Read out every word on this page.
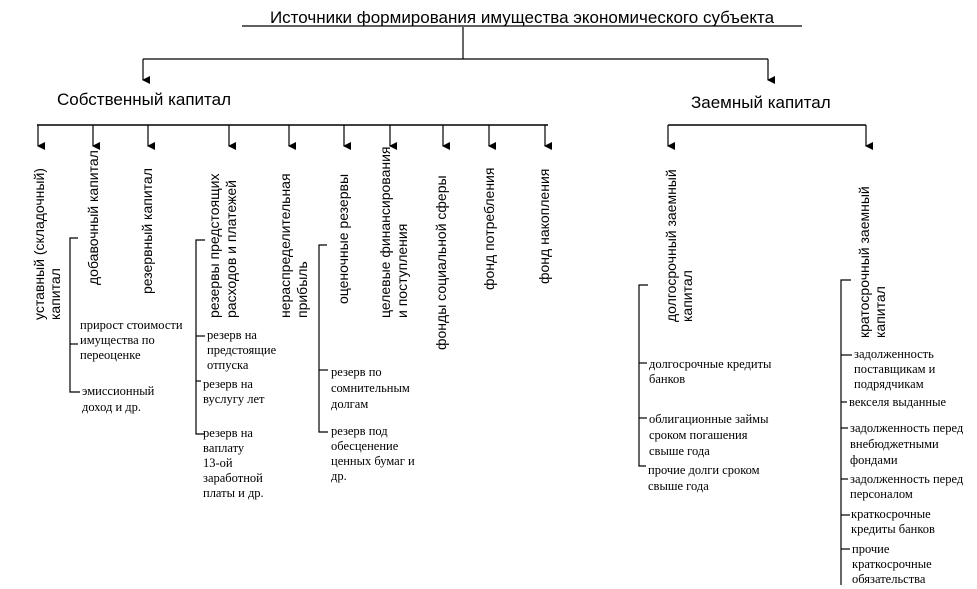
Источники формирования имущества экономического субъекта
Собственный капитал	Заемный капитал
уставный (складочный) капитал
добавочный капитал	резервный капитал	резервы предстоящих расходов и платежей	нераспределительная прибыль оценочные резервы целевые финансирования и поступления фонды социальной сферы фонд потребления	фонд накопления	долгосрочный заемный капитал	кратосрочный заемный капитал
прирост стоимости имущества по переоценке
эмиссионный доход и др.
резерв на предстоящие отпуска
резерв на вуслугу лет
резерв на вaплату 13-ой заработной платы и др.
резерв по сомнительным долгам
резерв под обесценение ценных бумаг и др.
долгосрочные кредиты банков
облигационные займы сроком погашения свыше года
прочие долги сроком свыше года
задолженность поставщикам и подрядчикам
векселя выданные
задолженность перед внебюджетными фондами
задолженность перед персоналом
краткосрочные кредиты банков
прочие краткосрочные обязательства
